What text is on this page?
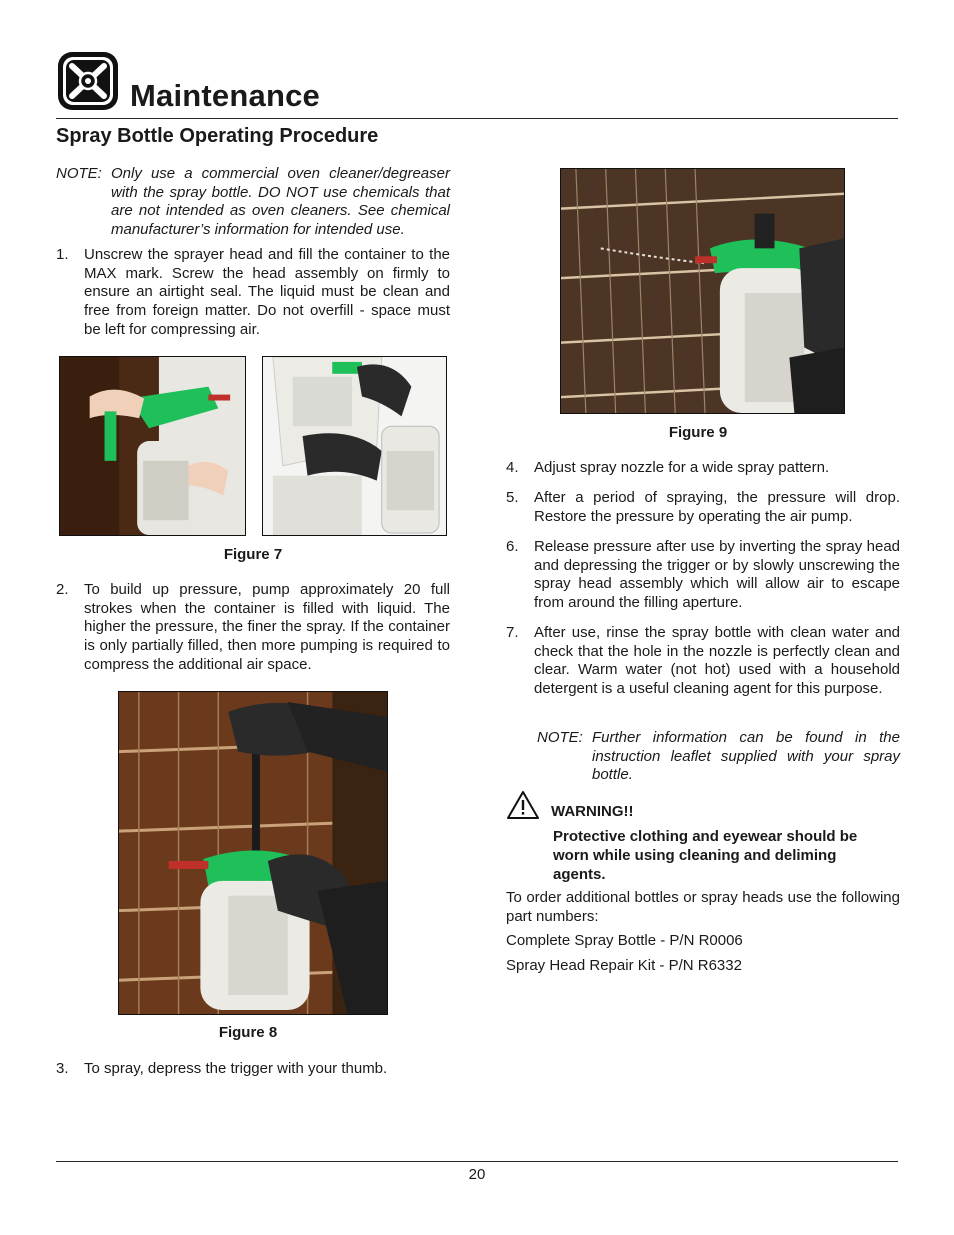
Maintenance
Spray Bottle Operating Procedure
NOTE: Only use a commercial oven cleaner/degreaser with the spray bottle. DO NOT use chemicals that are not intended as oven cleaners. See chemical manufacturer’s information for intended use.
1. Unscrew the sprayer head and fill the container to the MAX mark. Screw the head assembly on firmly to ensure an airtight seal. The liquid must be clean and free from foreign matter. Do not overfill - space must be left for compressing air.
Figure 7
2. To build up pressure, pump approximately 20 full strokes when the container is filled with liquid. The higher the pressure, the finer the spray. If the container is only partially filled, then more pumping is required to compress the additional air space.
Figure 8
3. To spray, depress the trigger with your thumb.
Figure 9
4. Adjust spray nozzle for a wide spray pattern.
5. After a period of spraying, the pressure will drop. Restore the pressure by operating the air pump.
6. Release pressure after use by inverting the spray head and depressing the trigger or by slowly unscrewing the spray head assembly which will allow air to escape from around the filling aperture.
7. After use, rinse the spray bottle with clean water and check that the hole in the nozzle is perfectly clean and clear. Warm water (not hot) used with a household detergent is a useful cleaning agent for this purpose.
NOTE: Further information can be found in the instruction leaflet supplied with your spray bottle.
WARNING!!
Protective clothing and eyewear should be worn while using cleaning and deliming agents.
To order additional bottles or spray heads use the following part numbers:
Complete Spray Bottle - P/N R0006
Spray Head Repair Kit - P/N R6332
20
